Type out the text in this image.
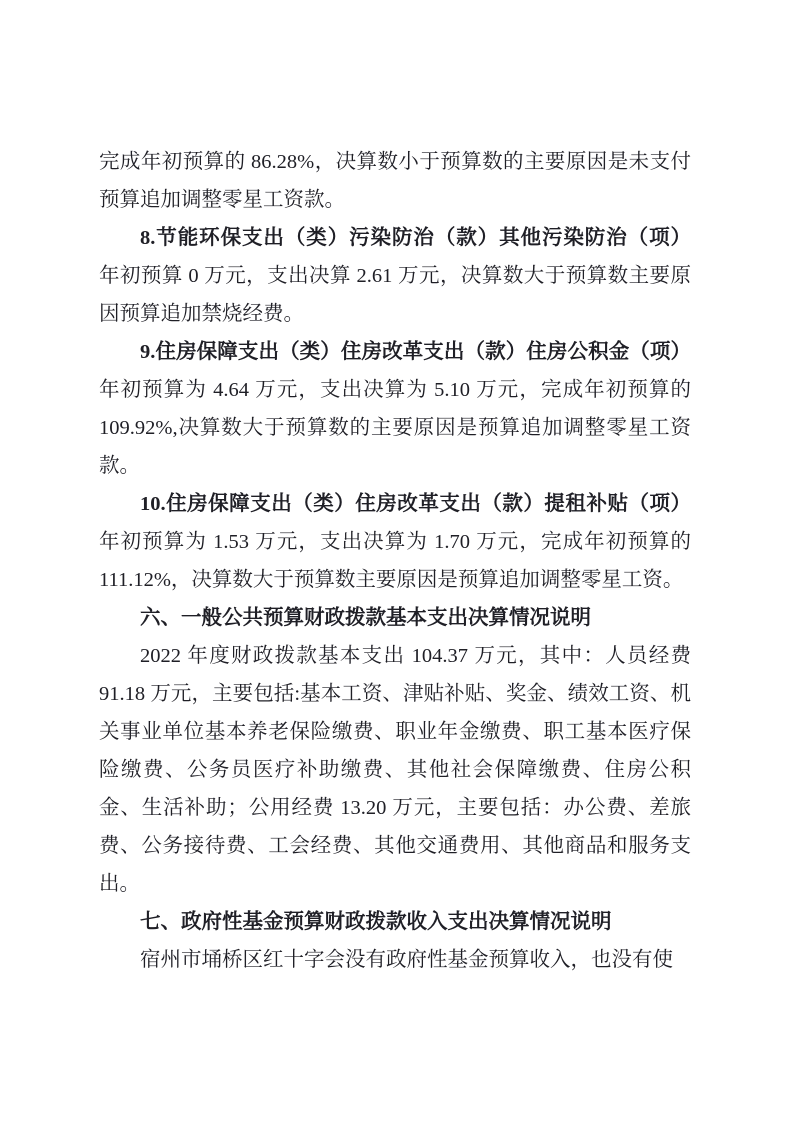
完成年初预算的 86.28%，决算数小于预算数的主要原因是未支付预算追加调整零星工资款。

8.节能环保支出（类）污染防治（款）其他污染防治（项）
年初预算 0 万元，支出决算 2.61 万元，决算数大于预算数主要原因预算追加禁烧经费。

9.住房保障支出（类）住房改革支出（款）住房公积金（项）
年初预算为 4.64 万元，支出决算为 5.10 万元，完成年初预算的 109.92%,决算数大于预算数的主要原因是预算追加调整零星工资款。

10.住房保障支出（类）住房改革支出（款）提租补贴（项）
年初预算为 1.53 万元，支出决算为 1.70 万元，完成年初预算的 111.12%，决算数大于预算数主要原因是预算追加调整零星工资。

六、一般公共预算财政拨款基本支出决算情况说明

2022 年度财政拨款基本支出 104.37 万元，其中：人员经费 91.18 万元，主要包括:基本工资、津贴补贴、奖金、绩效工资、机关事业单位基本养老保险缴费、职业年金缴费、职工基本医疗保险缴费、公务员医疗补助缴费、其他社会保障缴费、住房公积金、生活补助；公用经费 13.20 万元，主要包括：办公费、差旅费、公务接待费、工会经费、其他交通费用、其他商品和服务支出。

七、政府性基金预算财政拨款收入支出决算情况说明

宿州市埇桥区红十字会没有政府性基金预算收入，也没有使
